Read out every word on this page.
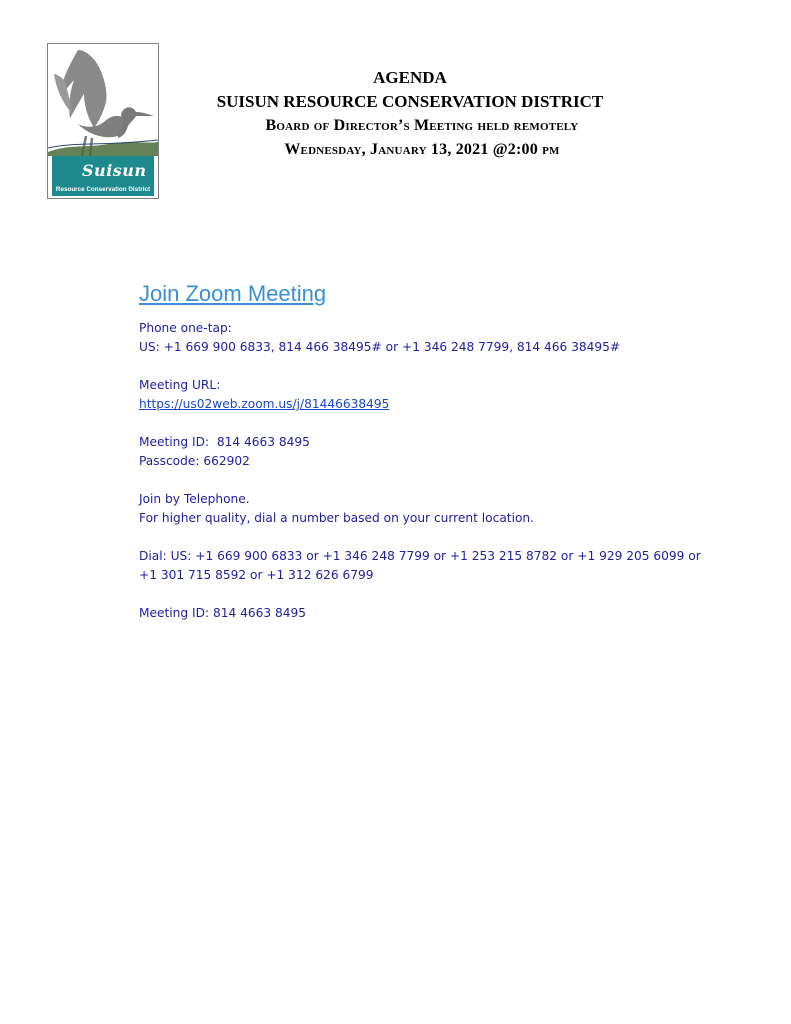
Suisun
Resource Conservation District
AGENDA
SUISUN RESOURCE CONSERVATION DISTRICT
Board of Director’s Meeting held remotely
Wednesday, January 13, 2021 @2:00 pm
Join Zoom Meeting
Phone one-tap:
US: +1 669 900 6833, 814 466 38495# or +1 346 248 7799, 814 466 38495#
Meeting URL:
https://us02web.zoom.us/j/81446638495
Meeting ID:  814 4663 8495
Passcode: 662902
Join by Telephone.
For higher quality, dial a number based on your current location.
Dial: US: +1 669 900 6833 or +1 346 248 7799 or +1 253 215 8782 or +1 929 205 6099 or
+1 301 715 8592 or +1 312 626 6799
Meeting ID: 814 4663 8495
